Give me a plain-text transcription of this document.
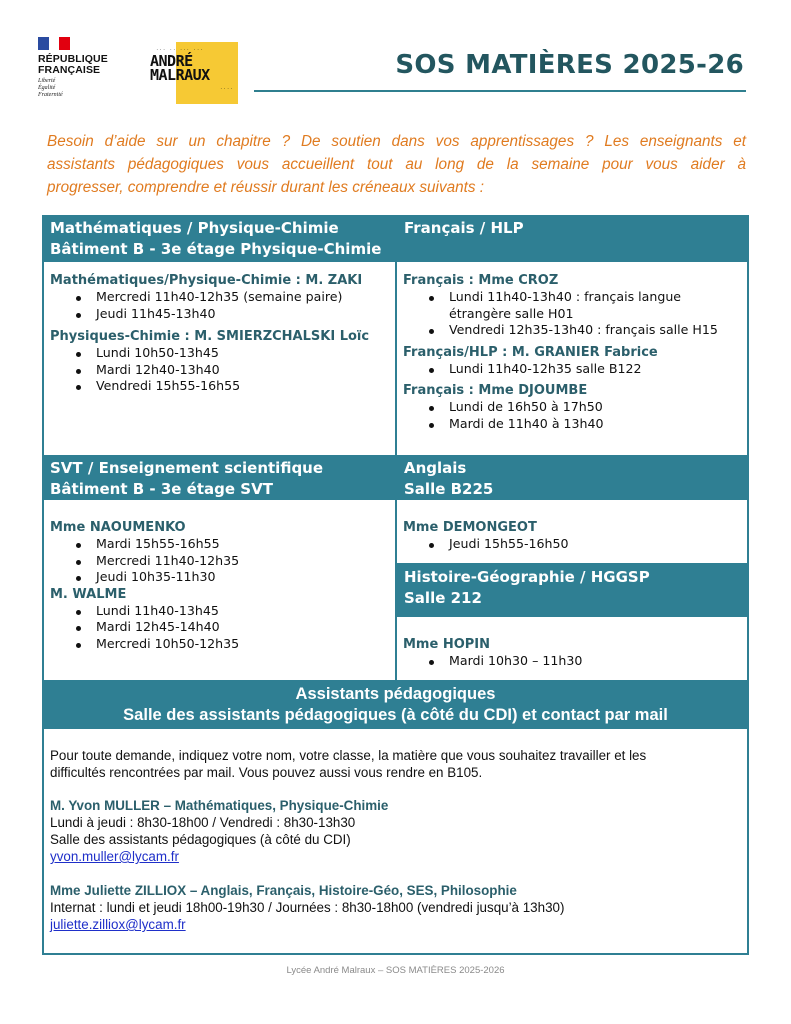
RÉPUBLIQUE
FRANÇAISE
Liberté
Égalité
Fraternité
··· ·· ··· ···
ANDRÉ
MALRAUX
····
SOS MATIÈRES 2025-26
Besoin d’aide sur un chapitre ? De soutien dans vos apprentissages ? Les enseignants et
assistants pédagogiques vous accueillent tout au long de la semaine pour vous aider à
progresser, comprendre et réussir durant les créneaux suivants :
Mathématiques / Physique-Chimie
Bâtiment B - 3e étage Physique-Chimie
Français / HLP
Mathématiques/Physique-Chimie : M. ZAKI
Mercredi 11h40-12h35 (semaine paire)
Jeudi 11h45-13h40
Physiques-Chimie : M. SMIERZCHALSKI Loïc
Lundi 10h50-13h45
Mardi 12h40-13h40
Vendredi 15h55-16h55
Français : Mme CROZ
Lundi 11h40-13h40 : français langue
étrangère salle H01
Vendredi 12h35-13h40 : français salle H15
Français/HLP : M. GRANIER Fabrice
Lundi 11h40-12h35 salle B122
Français : Mme DJOUMBE
Lundi de 16h50 à 17h50
Mardi de 11h40 à 13h40
SVT / Enseignement scientifique
Bâtiment B - 3e étage SVT
Anglais
Salle B225
Mme NAOUMENKO
Mardi 15h55-16h55
Mercredi 11h40-12h35
Jeudi 10h35-11h30
M. WALME
Lundi 11h40-13h45
Mardi 12h45-14h40
Mercredi 10h50-12h35
Mme DEMONGEOT
Jeudi 15h55-16h50
Histoire-Géographie / HGGSP
Salle 212
Mme HOPIN
Mardi 10h30 – 11h30
Assistants pédagogiques
Salle des assistants pédagogiques (à côté du CDI) et contact par mail
Pour toute demande, indiquez votre nom, votre classe, la matière que vous souhaitez travailler et les
difficultés rencontrées par mail. Vous pouvez aussi vous rendre en B105.
M. Yvon MULLER – Mathématiques, Physique-Chimie
Lundi à jeudi : 8h30-18h00 / Vendredi : 8h30-13h30
Salle des assistants pédagogiques (à côté du CDI)
yvon.muller@lycam.fr
Mme Juliette ZILLIOX – Anglais, Français, Histoire-Géo, SES, Philosophie
Internat : lundi et jeudi 18h00-19h30 / Journées : 8h30-18h00 (vendredi jusqu’à 13h30)
juliette.zilliox@lycam.fr
Lycée André Malraux – SOS MATIÈRES 2025-2026
